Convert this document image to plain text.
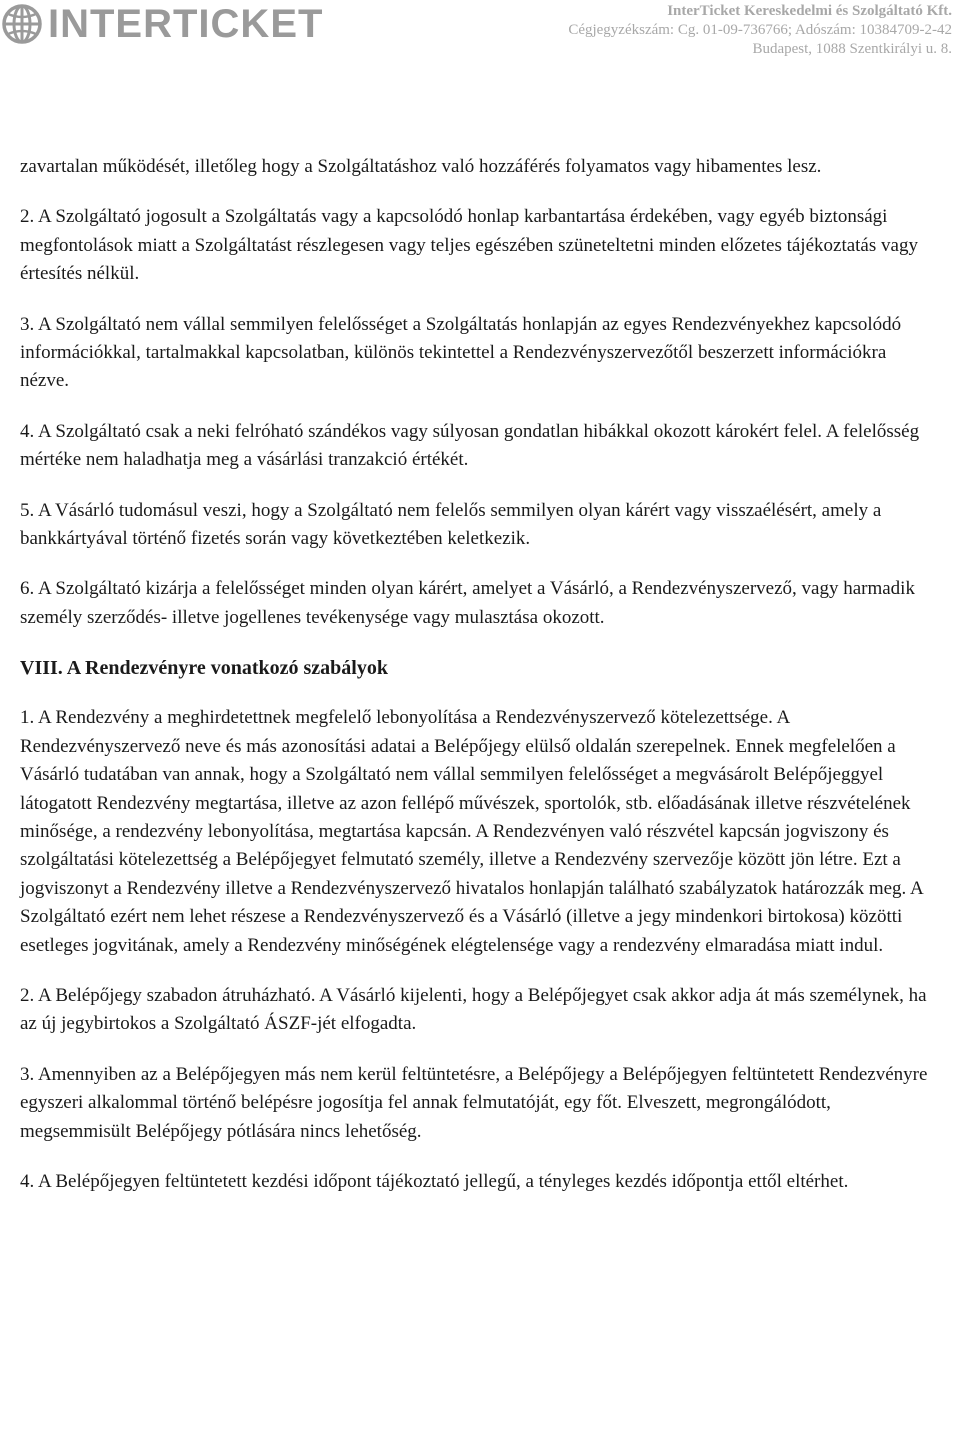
INTERTICKET	InterTicket Kereskedelmi és Szolgáltató Kft.
Cégjegyzékszám: Cg. 01-09-736766; Adószám: 10384709-2-42
Budapest, 1088 Szentkirályi u. 8.

zavartalan működését, illetőleg hogy a Szolgáltatáshoz való hozzáférés folyamatos vagy hibamentes lesz.

2. A Szolgáltató jogosult a Szolgáltatás vagy a kapcsolódó honlap karbantartása érdekében, vagy egyéb biztonsági megfontolások miatt a Szolgáltatást részlegesen vagy teljes egészében szüneteltetni minden előzetes tájékoztatás vagy értesítés nélkül.

3. A Szolgáltató nem vállal semmilyen felelősséget a Szolgáltatás honlapján az egyes Rendezvényekhez kapcsolódó információkkal, tartalmakkal kapcsolatban, különös tekintettel a Rendezvényszervezőtől beszerzett információkra nézve.

4. A Szolgáltató csak a neki felróható szándékos vagy súlyosan gondatlan hibákkal okozott károkért felel. A felelősség mértéke nem haladhatja meg a vásárlási tranzakció értékét.

5. A Vásárló tudomásul veszi, hogy a Szolgáltató nem felelős semmilyen olyan kárért vagy visszaélésért, amely a bankkártyával történő fizetés során vagy következtében keletkezik.

6. A Szolgáltató kizárja a felelősséget minden olyan kárért, amelyet a Vásárló, a Rendezvényszervező, vagy harmadik személy szerződés- illetve jogellenes tevékenysége vagy mulasztása okozott.

VIII. A Rendezvényre vonatkozó szabályok

1. A Rendezvény a meghirdetettnek megfelelő lebonyolítása a Rendezvényszervező kötelezettsége. A Rendezvényszervező neve és más azonosítási adatai a Belépőjegy elülső oldalán szerepelnek. Ennek megfelelően a Vásárló tudatában van annak, hogy a Szolgáltató nem vállal semmilyen felelősséget a megvásárolt Belépőjeggyel látogatott Rendezvény megtartása, illetve az azon fellépő művészek, sportolók, stb. előadásának illetve részvételének minősége, a rendezvény lebonyolítása, megtartása kapcsán. A Rendezvényen való részvétel kapcsán jogviszony és szolgáltatási kötelezettség a Belépőjegyet felmutató személy, illetve a Rendezvény szervezője között jön létre. Ezt a jogviszonyt a Rendezvény illetve a Rendezvényszervező hivatalos honlapján található szabályzatok határozzák meg. A Szolgáltató ezért nem lehet részese a Rendezvényszervező és a Vásárló (illetve a jegy mindenkori birtokosa) közötti esetleges jogvitának, amely a Rendezvény minőségének elégtelensége vagy a rendezvény elmaradása miatt indul.

2. A Belépőjegy szabadon átruházható. A Vásárló kijelenti, hogy a Belépőjegyet csak akkor adja át más személynek, ha az új jegybirtokos a Szolgáltató ÁSZF-jét elfogadta.

3. Amennyiben az a Belépőjegyen más nem kerül feltüntetésre, a Belépőjegy a Belépőjegyen feltüntetett Rendezvényre egyszeri alkalommal történő belépésre jogosítja fel annak felmutatóját, egy főt. Elveszett, megrongálódott, megsemmisült Belépőjegy pótlására nincs lehetőség.

4. A Belépőjegyen feltüntetett kezdési időpont tájékoztató jellegű, a tényleges kezdés időpontja ettől eltérhet.
